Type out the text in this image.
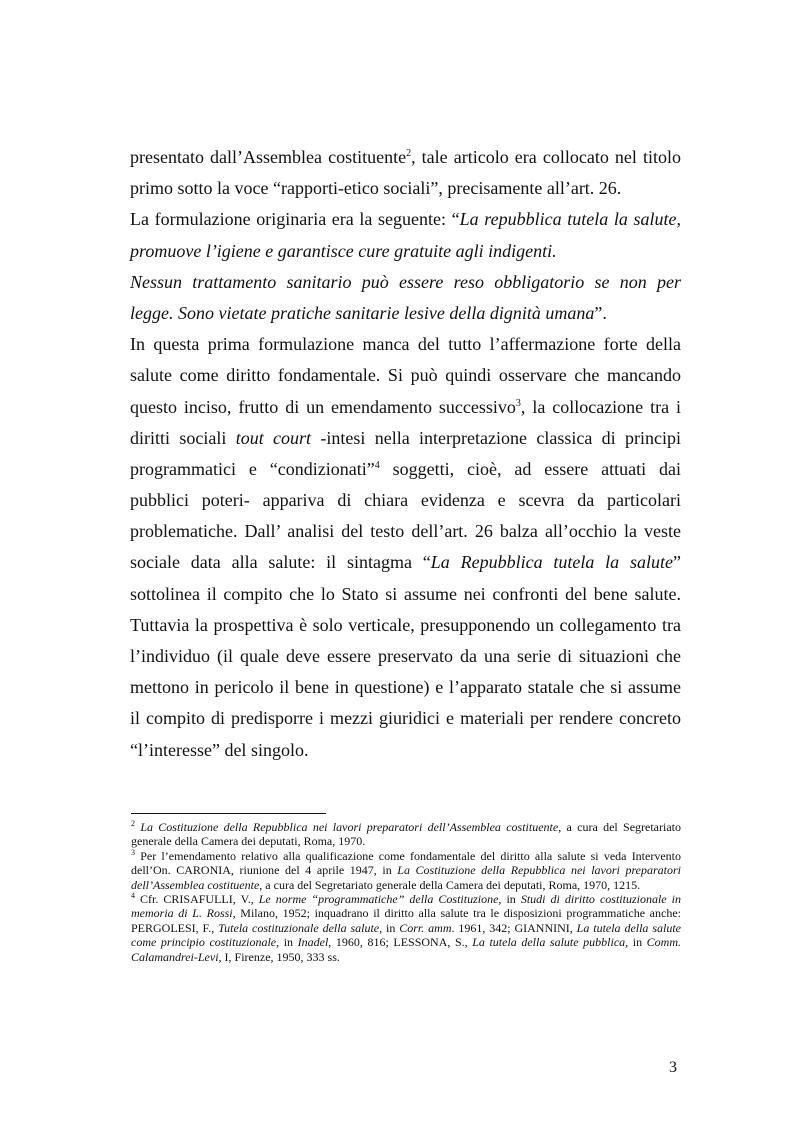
presentato dall’Assemblea costituente$^2$, tale articolo era collocato nel titolo
primo sotto la voce “rapporti-etico sociali”, precisamente all’art. 26.
La formulazione originaria era la seguente: “La repubblica tutela la salute,
promuove l’igiene e garantisce cure gratuite agli indigenti.
Nessun trattamento sanitario può essere reso obbligatorio se non per
legge. Sono vietate pratiche sanitarie lesive della dignità umana”.
In questa prima formulazione manca del tutto l’affermazione forte della
salute come diritto fondamentale. Si può quindi osservare che mancando
questo inciso, frutto di un emendamento successivo$^3$, la collocazione tra i
diritti sociali tout court -intesi nella interpretazione classica di principi
programmatici e “condizionati”$^4$ soggetti, cioè, ad essere attuati dai
pubblici poteri- apparivа di chiara evidenza e scevra da particolari
problematiche. Dall’ analisi del testo dell’art. 26 balza all’occhio la veste
sociale data alla salute: il sintagma “La Repubblica tutela la salute”
sottolinea il compito che lo Stato si assume nei confronti del bene salute.
Tuttavia la prospettiva è solo verticale, presupponendo un collegamento tra
l’individuo (il quale deve essere preservato da una serie di situazioni che
mettono in pericolo il bene in questione) e l’apparato statale che si assume
il compito di predisporre i mezzi giuridici e materiali per rendere concreto
“l’interesse” del singolo.
$^2$ La Costituzione della Repubblica nei lavori preparatori dell’Assemblea costituente, a cura del Segretariato generale della Camera dei deputati, Roma, 1970.
$^3$ Per l’emendamento relativo alla qualificazione come fondamentale del diritto alla salute si veda Intervento dell’On. CARONIA, riunione del 4 aprile 1947, in La Costituzione della Repubblica nei lavori preparatori dell’Assemblea costituente, a cura del Segretariato generale della Camera dei deputati, Roma, 1970, 1215.
$^4$ Cfr. CRISAFULLI, V., Le norme “programmatiche” della Costituzione, in Studi di diritto costituzionale in memoria di L. Rossi, Milano, 1952; inquadrano il diritto alla salute tra le disposizioni programmatiche anche: PERGOLESI, F., Tutela costituzionale della salute, in Corr. amm. 1961, 342; GIANNINI, La tutela della salute come principio costituzionale, in Inadel, 1960, 816; LESSONA, S., La tutela della salute pubblica, in Comm. Calamandrei-Levi, I, Firenze, 1950, 333 ss.
3
